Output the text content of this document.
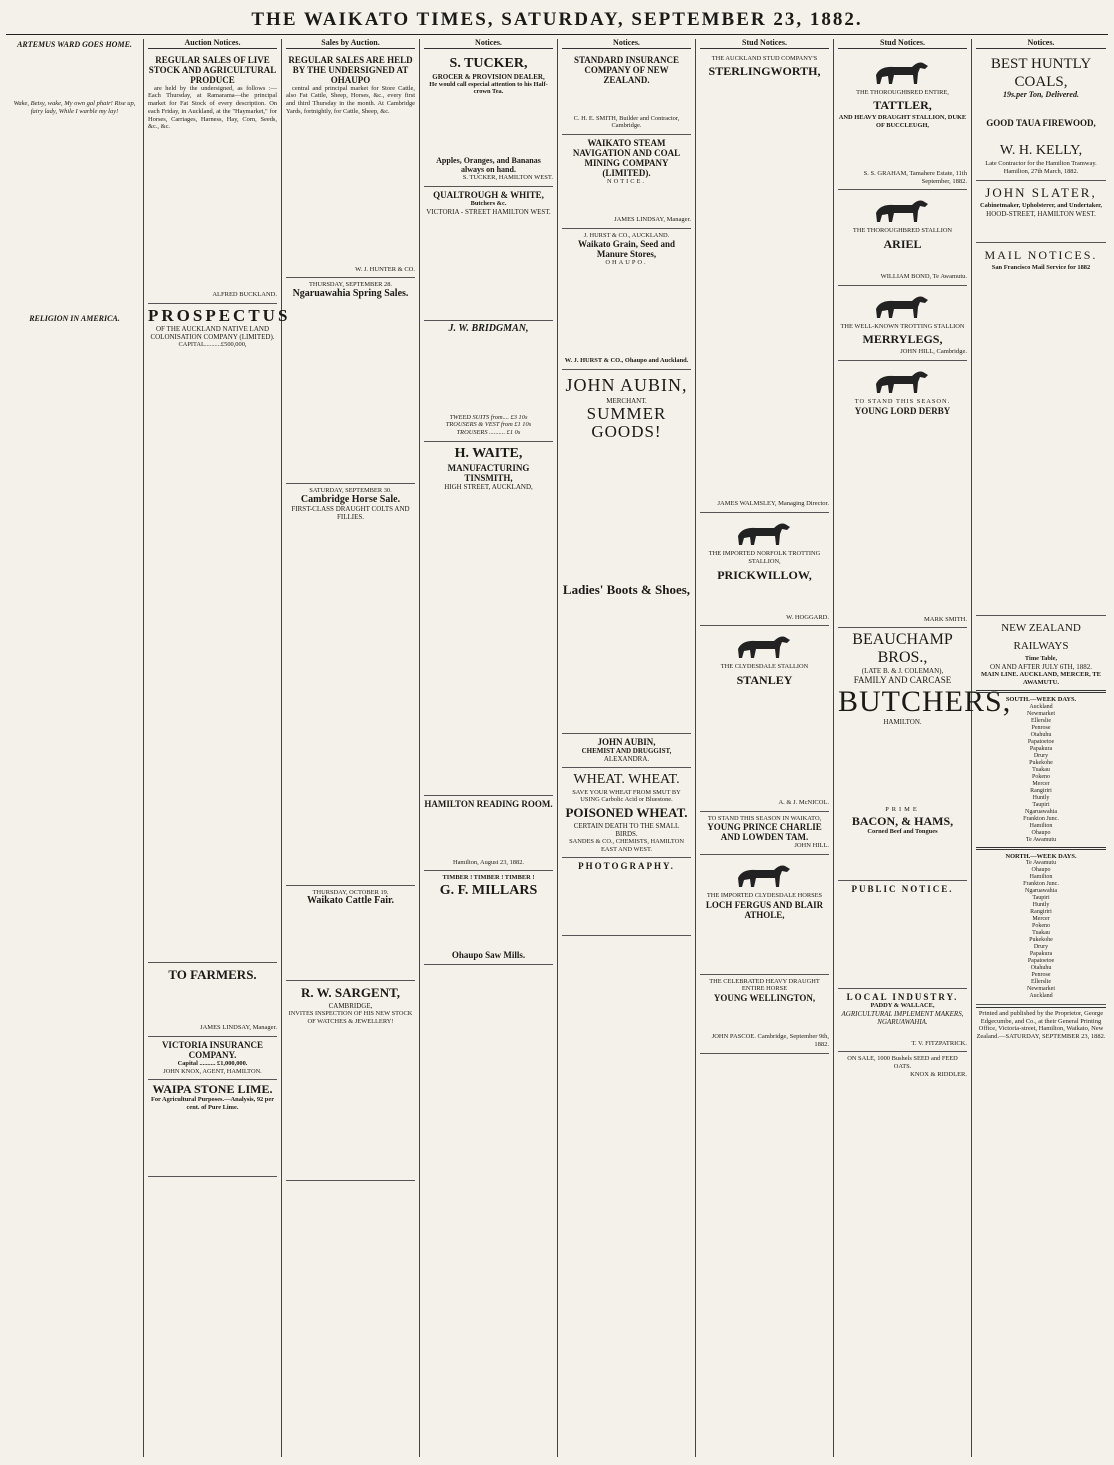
THE WAIKATO TIMES, SATURDAY, SEPTEMBER 23, 1882.
ARTEMUS WARD GOES HOME.

Wake, Betsy, wake, My own gal phair! Rise up, fairy lady, While I warble my lay!
RELIGION IN AMERICA.
Auction Notices.
REGULAR SALES OF LIVE STOCK AND AGRICULTURAL PRODUCE
are held by the undersigned, as follows :— Each Thursday, at Ramarama—the principal market for Fat Stock of every description. On each Friday, in Auckland, at the "Haymarket," for Horses, Carriages, Harness, Hay, Corn, Seeds, &c., &c.
ALFRED BUCKLAND.
PROSPECTUS
OF THE AUCKLAND NATIVE LAND COLONISATION COMPANY (LIMITED).
CAPITAL..........£500,000,
TO FARMERS.
JAMES LINDSAY, Manager.
VICTORIA INSURANCE COMPANY.
Capital .......... £1,000,000.
JOHN KNOX, AGENT, HAMILTON.
WAIPA STONE LIME.
For Agricultural Purposes.—Analysis, 92 per cent. of Pure Lime.
Sales by Auction.
REGULAR SALES ARE HELD BY THE UNDERSIGNED AT OHAUPO
central and principal market for Store Cattle, also Fat Cattle, Sheep, Horses, &c., every first and third Thursday in the month. At Cambridge Yards, fortnightly, for Cattle, Sheep, &c.
W. J. HUNTER & CO.
THURSDAY, SEPTEMBER 28.
Ngaruawahia Spring Sales.
SATURDAY, SEPTEMBER 30.
Cambridge Horse Sale.
FIRST-CLASS DRAUGHT COLTS AND FILLIES.
THURSDAY, OCTOBER 19.
Waikato Cattle Fair.
R. W. SARGENT,
CAMBRIDGE,
INVITES INSPECTION OF HIS NEW STOCK OF WATCHES & JEWELLERY!
Notices.
S. TUCKER,
GROCER & PROVISION DEALER,
He would call especial attention to his Half-crown Tea.
Apples, Oranges, and Bananas always on hand.
S. TUCKER, HAMILTON WEST.
QUALTROUGH & WHITE,
Butchers &c.
VICTORIA - STREET HAMILTON WEST.
J. W. BRIDGMAN,
TWEED SUITS from.... £3 10s
TROUSERS & VEST from £1 10s
TROUSERS .......... £1 0s
H. WAITE,
MANUFACTURING TINSMITH,
HIGH STREET, AUCKLAND,
HAMILTON READING ROOM.
Hamilton, August 23, 1882.
TIMBER ! TIMBER ! TIMBER !
G. F. MILLARS
Ohaupo Saw Mills.
Notices.
STANDARD INSURANCE COMPANY OF NEW ZEALAND.
C. H. E. SMITH, Builder and Contractor, Cambridge.
WAIKATO STEAM NAVIGATION AND COAL MINING COMPANY (LIMITED).
NOTICE.
JAMES LINDSAY, Manager.
J. HURST & CO., AUCKLAND.
Waikato Grain, Seed and Manure Stores,
OHAUPO.
W. J. HURST & CO., Ohaupo and Auckland.
JOHN AUBIN,
MERCHANT.
SUMMER GOODS!
Ladies' Boots & Shoes,
JOHN AUBIN,
CHEMIST AND DRUGGIST,
ALEXANDRA.
WHEAT. WHEAT.
SAVE YOUR WHEAT FROM SMUT BY USING Carbolic Acid or Bluestone.
POISONED WHEAT.
CERTAIN DEATH TO THE SMALL BIRDS.
SANDES & CO., CHEMISTS, HAMILTON EAST AND WEST.
PHOTOGRAPHY.
Stud Notices.
THE AUCKLAND STUD COMPANY'S
STERLINGWORTH,
JAMES WALMSLEY, Managing Director.
THE IMPORTED NORFOLK TROTTING STALLION,
PRICKWILLOW,
W. HOGGARD.
THE CLYDESDALE STALLION
STANLEY
A. & J. McNICOL.
TO STAND THIS SEASON IN WAIKATO,
YOUNG PRINCE CHARLIE AND LOWDEN TAM.
JOHN HILL.
THE IMPORTED CLYDESDALE HORSES
LOCH FERGUS AND BLAIR ATHOLE,
THE CELEBRATED HEAVY DRAUGHT ENTIRE HORSE
YOUNG WELLINGTON,
JOHN PASCOE. Cambridge, September 9th, 1882.
Stud Notices.
THE THOROUGHBRED ENTIRE,
TATTLER,
AND HEAVY DRAUGHT STALLION, DUKE OF BUCCLEUGH,
S. S. GRAHAM, Tamahere Estate, 11th September, 1882.
THE THOROUGHBRED STALLION
ARIEL
WILLIAM BOND, Te Awamutu.
THE WELL-KNOWN TROTTING STALLION
MERRYLEGS,
JOHN HILL, Cambridge.
TO STAND THIS SEASON.
YOUNG LORD DERBY
MARK SMITH.
BEAUCHAMP BROS.,
(LATE B. & J. COLEMAN),
FAMILY AND CARCASE
BUTCHERS,
HAMILTON.
PRIME
BACON, & HAMS,
Corned Beef and Tongues
PUBLIC NOTICE.
LOCAL INDUSTRY.
PADDY & WALLACE,
AGRICULTURAL IMPLEMENT MAKERS, NGARUAWAHIA.
T. V. FITZPATRICK.
ON SALE, 1000 Bushels SEED and FEED OATS.
KNOX & RIDDLER.
Notices.
BEST HUNTLY COALS,
19s.per Ton, Delivered.
GOOD TAUA FIREWOOD,
W. H. KELLY,
Late Contractor for the Hamilton Tramway.
Hamilton, 27th March, 1882.
JOHN SLATER,
Cabinetmaker, Upholsterer, and Undertaker,
HOOD-STREET, HAMILTON WEST.
MAIL NOTICES.
San Francisco Mail Service for 1882
NEW ZEALAND RAILWAYS
Time Table,
ON AND AFTER JULY 6TH, 1882.
MAIN LINE. AUCKLAND, MERCER, TE AWAMUTU.
SOUTH.—WEEK DAYS.
Auckland
Newmarket
Ellerslie
Penrose
Otahuhu
Papatoetoe
Papakura
Drury
Pukekohe
Tuakau
Pokeno
Mercer
Rangiriri
Huntly
Taupiri
Ngaruawahia
Frankton Junc.
Hamilton
Ohaupo
Te Awamutu
NORTH.—WEEK DAYS.
Te Awamutu
Ohaupo
Hamilton
Frankton Junc.
Ngaruawahia
Taupiri
Huntly
Rangiriri
Mercer
Pokeno
Tuakau
Pukekohe
Drury
Papakura
Papatoetoe
Otahuhu
Penrose
Ellerslie
Newmarket
Auckland
Printed and published by the Proprietor, George Edgecumbe, and Co., at their General Printing Office, Victoria-street, Hamilton, Waikato, New Zealand.—SATURDAY, SEPTEMBER 23, 1882.
